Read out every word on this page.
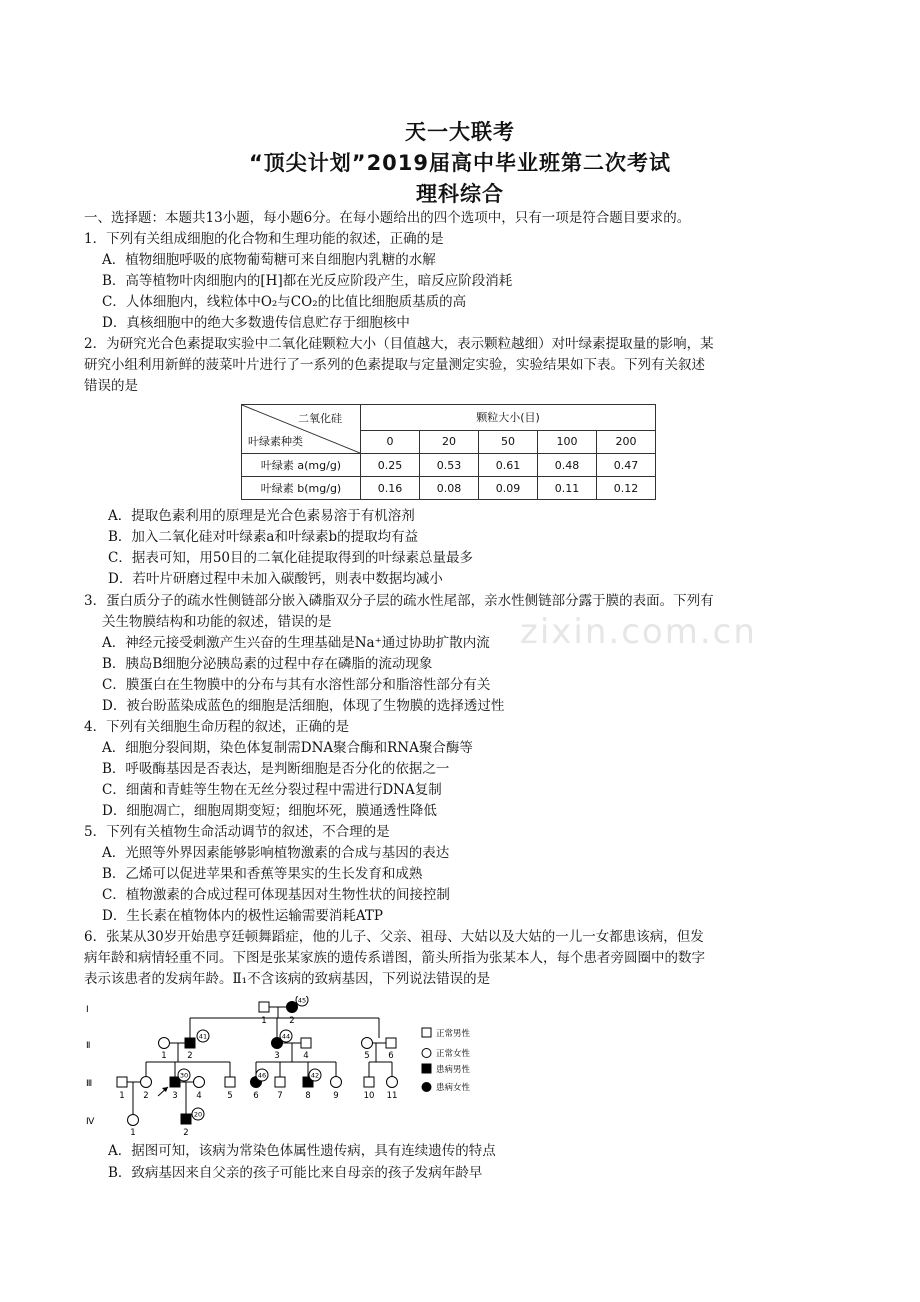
zixin.com.cn
天一大联考
“顶尖计划”2019届高中毕业班第二次考试
理科综合
一、选择题：本题共13小题，每小题6分。在每小题给出的四个选项中，只有一项是符合题目要求的。
1．下列有关组成细胞的化合物和生理功能的叙述，正确的是
A．植物细胞呼吸的底物葡萄糖可来自细胞内乳糖的水解
B．高等植物叶肉细胞内的[H]都在光反应阶段产生，暗反应阶段消耗
C．人体细胞内，线粒体中O₂与CO₂的比值比细胞质基质的高
D．真核细胞中的绝大多数遗传信息贮存于细胞核中
2．为研究光合色素提取实验中二氧化硅颗粒大小（目值越大，表示颗粒越细）对叶绿素提取量的影响，某
研究小组利用新鲜的菠菜叶片进行了一系列的色素提取与定量测定实验，实验结果如下表。下列有关叙述
错误的是
二氧化硅
叶绿素种类	颗粒大小(目)				
	0	20	50	100	200
叶绿素 a(mg/g)	0.25	0.53	0.61	0.48	0.47
叶绿素 b(mg/g)	0.16	0.08	0.09	0.11	0.12
A．提取色素利用的原理是光合色素易溶于有机溶剂
B．加入二氧化硅对叶绿素a和叶绿素b的提取均有益
C．据表可知，用50目的二氧化硅提取得到的叶绿素总量最多
D．若叶片研磨过程中未加入碳酸钙，则表中数据均减小
3．蛋白质分子的疏水性侧链部分嵌入磷脂双分子层的疏水性尾部，亲水性侧链部分露于膜的表面。下列有
关生物膜结构和功能的叙述，错误的是
A．神经元接受刺激产生兴奋的生理基础是Na⁺通过协助扩散内流
B．胰岛B细胞分泌胰岛素的过程中存在磷脂的流动现象
C．膜蛋白在生物膜中的分布与其有水溶性部分和脂溶性部分有关
D．被台盼蓝染成蓝色的细胞是活细胞，体现了生物膜的选择透过性
4．下列有关细胞生命历程的叙述，正确的是
A．细胞分裂间期，染色体复制需DNA聚合酶和RNA聚合酶等
B．呼吸酶基因是否表达，是判断细胞是否分化的依据之一
C．细菌和青蛙等生物在无丝分裂过程中需进行DNA复制
D．细胞凋亡，细胞周期变短；细胞坏死，膜通透性降低
5．下列有关植物生命活动调节的叙述，不合理的是
A．光照等外界因素能够影响植物激素的合成与基因的表达
B．乙烯可以促进苹果和香蕉等果实的生长发育和成熟
C．植物激素的合成过程可体现基因对生物性状的间接控制
D．生长素在植物体内的极性运输需要消耗ATP
6．张某从30岁开始患亨廷顿舞蹈症，他的儿子、父亲、祖母、大姑以及大姑的一儿一女都患该病，但发
病年龄和病情轻重不同。下图是张某家族的遗传系谱图，箭头所指为张某本人，每个患者旁圆圈中的数字
表示该患者的发病年龄。Ⅱ₁不含该病的致病基因，下列说法错误的是
Ⅰ
Ⅱ
Ⅲ
Ⅳ
45
41	44
30	46	42
20
1	2
1 2	3	4	5 6
1 2	3 4	5 6 7	8	9	10 11
1	2
正常男性
正常女性
患病男性
患病女性
A．据图可知，该病为常染色体属性遗传病，具有连续遗传的特点
B．致病基因来自父亲的孩子可能比来自母亲的孩子发病年龄早
